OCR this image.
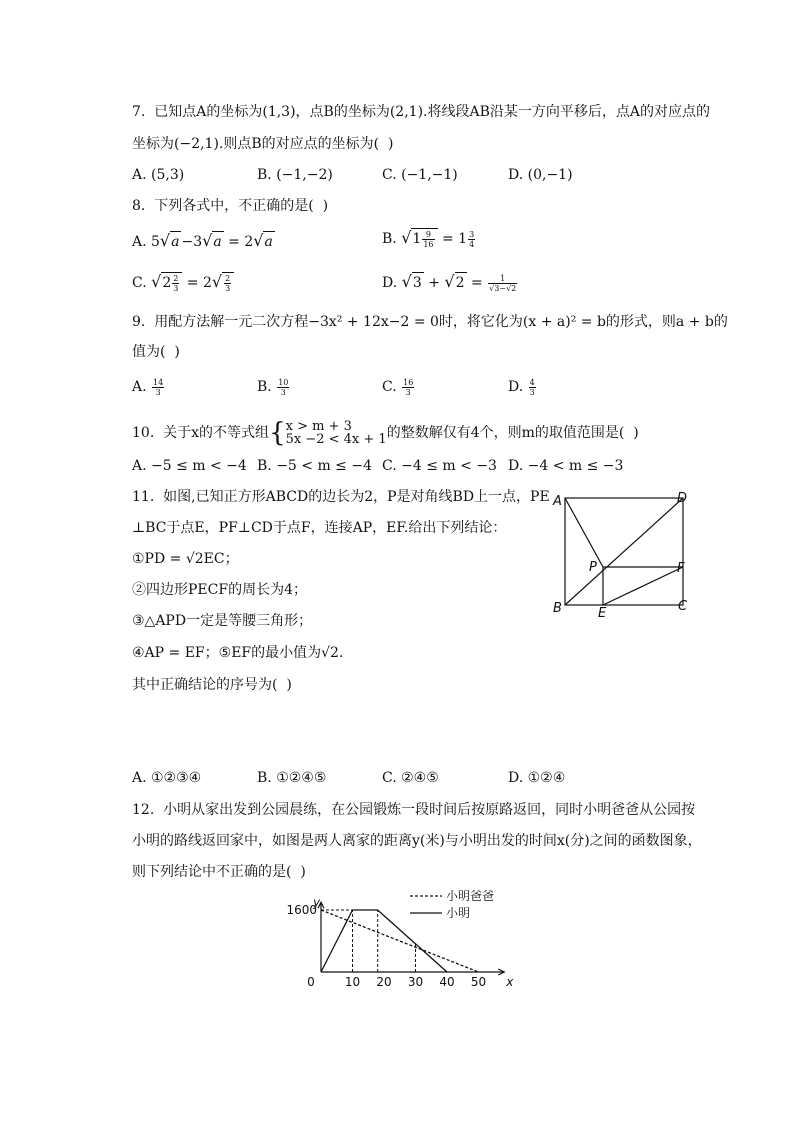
7.  已知点A的坐标为(1,3)，点B的坐标为(2,1).将线段AB沿某一方向平移后，点A的对应点的
坐标为(−2,1).则点B的对应点的坐标为(  )
A. (5,3)	B. (−1,−2)	C. (−1,−1)	D. (0,−1)
8.  下列各式中，不正确的是(  )
A. 5√a −3√a = 2√a	B. $√1 \frac{9}{16} = 1 \frac{3}{4}$
C. $√2 \frac{2}{3} = 2√ \frac{2}{3}$	D. $√3 + √2 = \frac{1}{√3-√2}$
9.  用配方法解一元二次方程−3x² + 12x−2 = 0时，将它化为(x + a)² = b的形式，则a + b的
值为(  )
A. $\frac{14}{3}$	B. $\frac{10}{3}$	C. $\frac{16}{3}$	D. $\frac{4}{3}$
10.  关于x的不等式组{ x > m + 3
5x −2 < 4x + 1 的整数解仅有4个，则m的取值范围是(  )
A. −5 ≤ m < −4 B. −5 < m ≤ −4 C. −4 ≤ m < −3 D. −4 < m ≤ −3
11.  如图,已知正方形ABCD的边长为2，P是对角线BD上一点，PE
⊥BC于点E，PF⊥CD于点F，连接AP，EF.给出下列结论：
①PD = √2EC；
②四边形PECF的周长为4；
③△APD一定是等腰三角形；
④AP = EF；⑤EF的最小值为√2.
其中正确结论的序号为(  )
A	D
B	C
P
E
F
A. ①②③④	B. ①②④⑤	C. ②④⑤	D. ①②④
12.  小明从家出发到公园晨练，在公园锻炼一段时间后按原路返回，同时小明爸爸从公园按
小明的路线返回家中，如图是两人离家的距离y(米)与小明出发的时间x(分)之间的函数图象，
则下列结论中不正确的是(  )
10 20 30 40 50
1600
0	x
y	小明爸爸
小明
